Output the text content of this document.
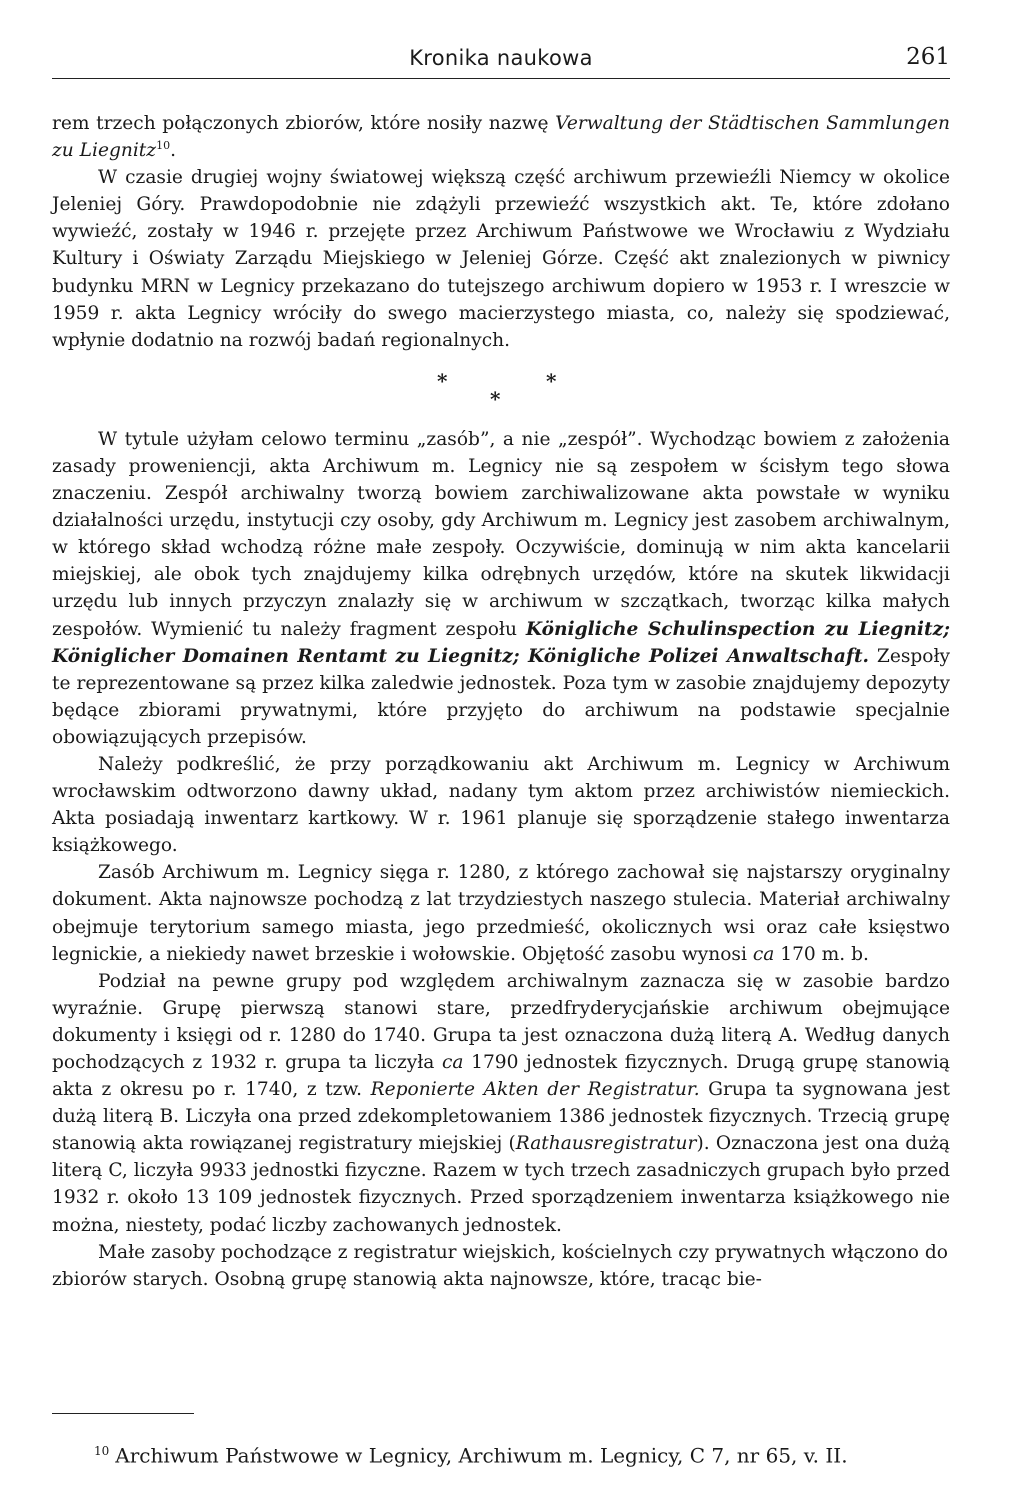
Kronika naukowa	261

rem trzech połączonych zbiorów, które nosiły nazwę Verwaltung der Städtischen Sammlungen zu Liegnitz$^{10}$.

W czasie drugiej wojny światowej większą część archiwum przewieźli Niemcy w okolice Jeleniej Góry. Prawdopodobnie nie zdążyli przewieźć wszystkich akt. Te, które zdołano wywieźć, zostały w 1946 r. przejęte przez Archiwum Państwowe we Wrocławiu z Wydziału Kultury i Oświaty Zarządu Miejskiego w Jeleniej Górze. Część akt znalezionych w piwnicy budynku MRN w Legnicy przekazano do tutejszego archiwum dopiero w 1953 r. I wreszcie w 1959 r. akta Legnicy wróciły do swego macierzystego miasta, co, należy się spodziewać, wpłynie dodatnio na rozwój badań regionalnych.

*	*
*

W tytule użyłam celowo terminu „zasób”, a nie „zespół”. Wychodząc bowiem z założenia zasady proweniencji, akta Archiwum m. Legnicy nie są zespołem w ścisłym tego słowa znaczeniu. Zespół archiwalny tworzą bowiem zarchiwalizowane akta powstałe w wyniku działalności urzędu, instytucji czy osoby, gdy Archiwum m. Legnicy jest zasobem archiwalnym, w którego skład wchodzą różne małe zespoły. Oczywiście, dominują w nim akta kancelarii miejskiej, ale obok tych znajdujemy kilka odrębnych urzędów, które na skutek likwidacji urzędu lub innych przyczyn znalazły się w archiwum w szczątkach, tworząc kilka małych zespołów. Wymienić tu należy fragment zespołu Königliche Schulinspection zu Liegnitz; Königlicher Domainen Rentamt zu Liegnitz; Königliche Polizei Anwaltschaft. Zespoły te reprezentowane są przez kilka zaledwie jednostek. Poza tym w zasobie znajdujemy depozyty będące zbiorami prywatnymi, które przyjęto do archiwum na podstawie specjalnie obowiązujących przepisów.

Należy podkreślić, że przy porządkowaniu akt Archiwum m. Legnicy w Archiwum wrocławskim odtworzono dawny układ, nadany tym aktom przez archiwistów niemieckich. Akta posiadają inwentarz kartkowy. W r. 1961 planuje się sporządzenie stałego inwentarza książkowego.

Zasób Archiwum m. Legnicy sięga r. 1280, z którego zachował się najstarszy oryginalny dokument. Akta najnowsze pochodzą z lat trzydziestych naszego stulecia. Materiał archiwalny obejmuje terytorium samego miasta, jego przedmieść, okolicznych wsi oraz całe księstwo legnickie, a niekiedy nawet brzeskie i wołowskie. Objętość zasobu wynosi ca 170 m. b.

Podział na pewne grupy pod względem archiwalnym zaznacza się w zasobie bardzo wyraźnie. Grupę pierwszą stanowi stare, przedfryderycjańskie archiwum obejmujące dokumenty i księgi od r. 1280 do 1740. Grupa ta jest oznaczona dużą literą A. Według danych pochodzących z 1932 r. grupa ta liczyła ca 1790 jednostek fizycznych. Drugą grupę stanowią akta z okresu po r. 1740, z tzw. Reponierte Akten der Registratur. Grupa ta sygnowana jest dużą literą B. Liczyła ona przed zdekompletowaniem 1386 jednostek fizycznych. Trzecią grupę stanowią akta rowiązanej registratury miejskiej (Rathausregistratur). Oznaczona jest ona dużą literą C, liczyła 9933 jednostki fizyczne. Razem w tych trzech zasadniczych grupach było przed 1932 r. około 13 109 jednostek fizycznych. Przed sporządzeniem inwentarza książkowego nie można, niestety, podać liczby zachowanych jednostek.

Małe zasoby pochodzące z registratur wiejskich, kościelnych czy prywatnych włączono do zbiorów starych. Osobną grupę stanowią akta najnowsze, które, tracąc bie-

$^{10}$ Archiwum Państwowe w Legnicy, Archiwum m. Legnicy, C 7, nr 65, v. II.
